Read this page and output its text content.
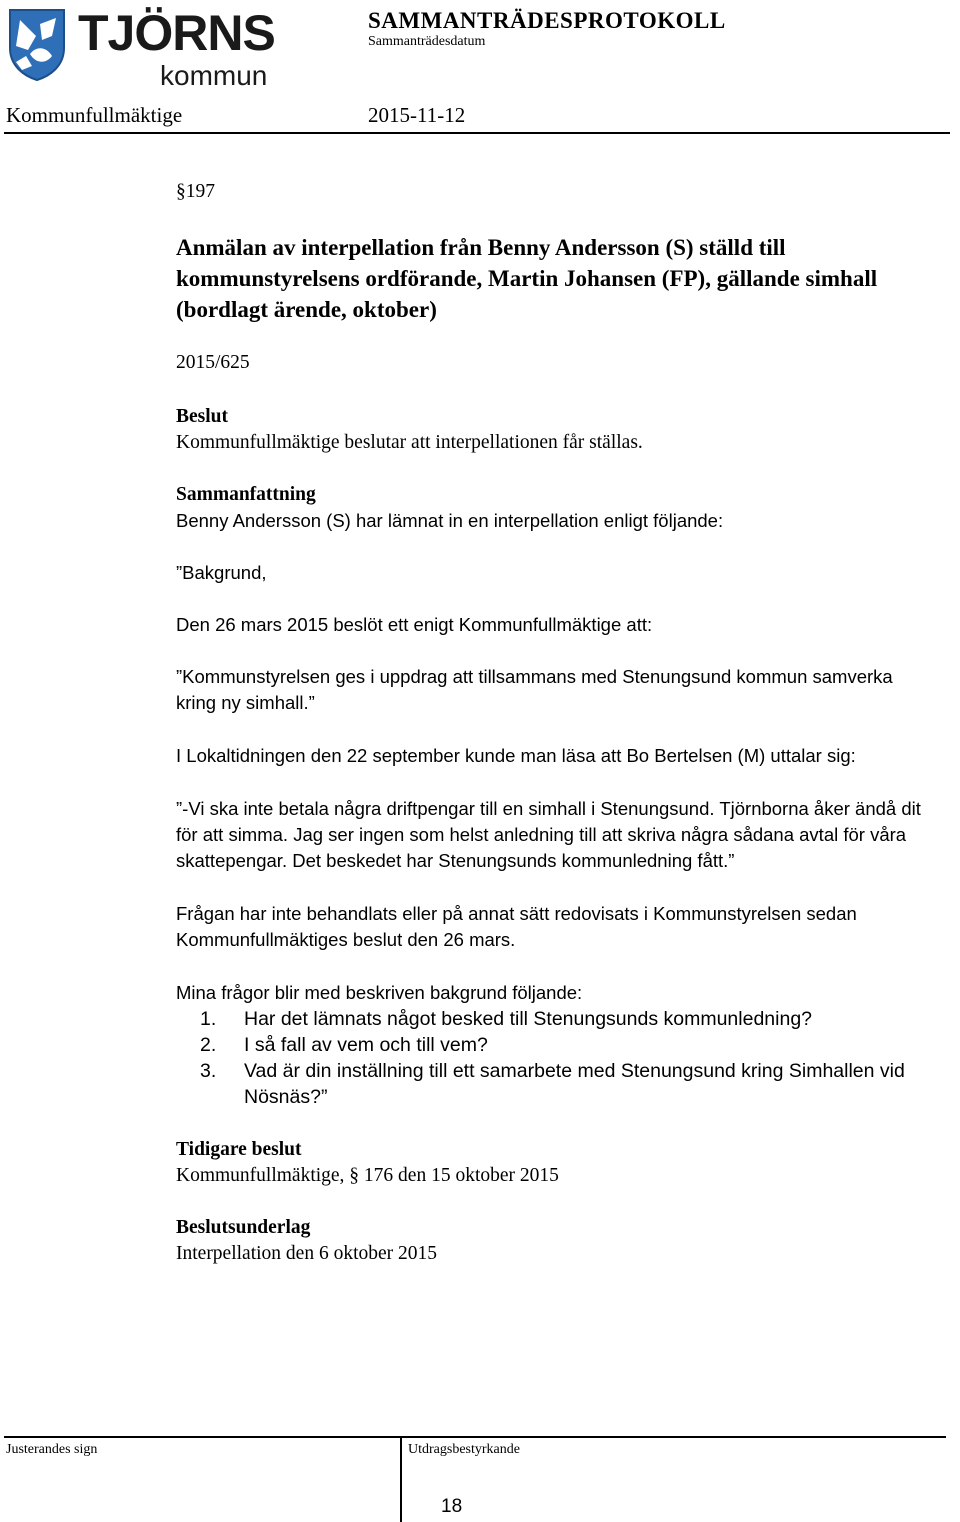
TJÖRNS
kommun
SAMMANTRÄDESPROTOKOLL
Sammanträdesdatum
Kommunfullmäktige	2015-11-12
§197
Anmälan av interpellation från Benny Andersson (S) ställd till kommunstyrelsens ordförande, Martin Johansen (FP), gällande simhall (bordlagt ärende, oktober)
2015/625
Beslut
Kommunfullmäktige beslutar att interpellationen får ställas.
Sammanfattning
Benny Andersson (S) har lämnat in en interpellation enligt följande:
”Bakgrund,
Den 26 mars 2015 beslöt ett enigt Kommunfullmäktige att:
”Kommunstyrelsen ges i uppdrag att tillsammans med Stenungsund kommun samverka kring ny simhall.”
I Lokaltidningen den 22 september kunde man läsa att Bo Bertelsen (M) uttalar sig:
”-Vi ska inte betala några driftpengar till en simhall i Stenungsund. Tjörnborna åker ändå dit för att simma. Jag ser ingen som helst anledning till att skriva några sådana avtal för våra skattepengar. Det beskedet har Stenungsunds kommunledning fått.”
Frågan har inte behandlats eller på annat sätt redovisats i Kommunstyrelsen sedan Kommunfullmäktiges beslut den 26 mars.
Mina frågor blir med beskriven bakgrund följande:
1.	Har det lämnats något besked till Stenungsunds kommunledning?
2.	I så fall av vem och till vem?
3.	Vad är din inställning till ett samarbete med Stenungsund kring Simhallen vid Nösnäs?”
Tidigare beslut
Kommunfullmäktige, § 176 den 15 oktober 2015
Beslutsunderlag
Interpellation den 6 oktober 2015
Justerandes sign	Utdragsbestyrkande
18
